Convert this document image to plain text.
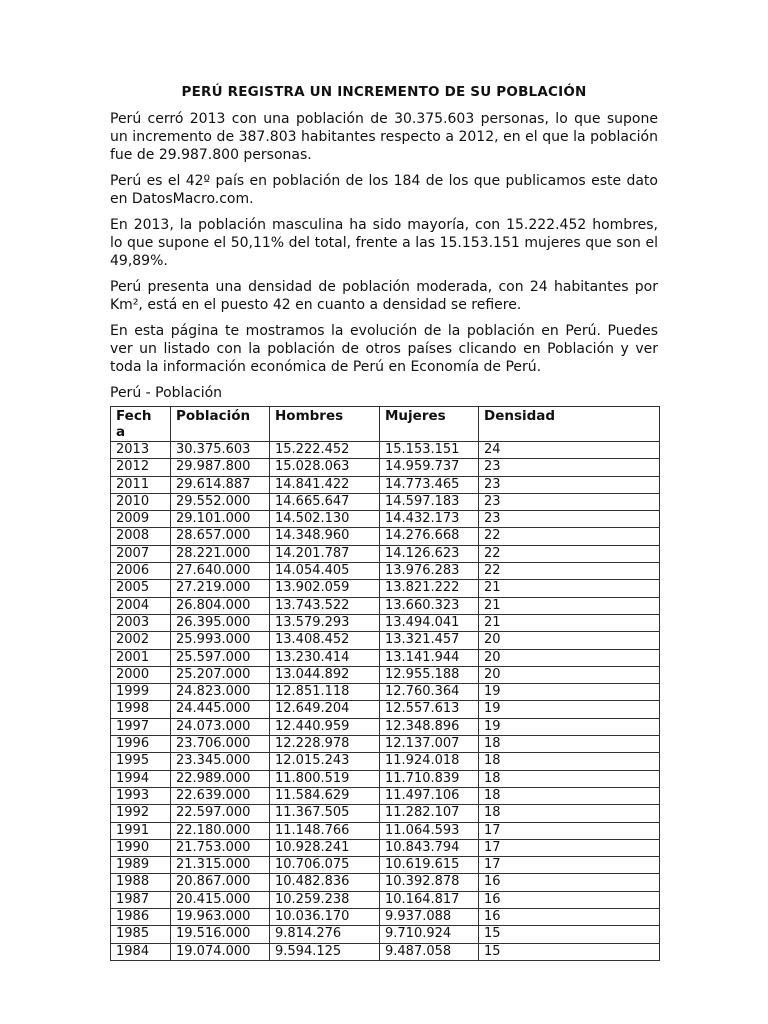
PERÚ REGISTRA UN INCREMENTO DE SU POBLACIÓN

Perú cerró 2013 con una población de 30.375.603 personas, lo que supone un incremento de 387.803 habitantes respecto a 2012, en el que la población fue de 29.987.800 personas.

Perú es el 42º país en población de los 184 de los que publicamos este dato en DatosMacro.com.

En 2013, la población masculina ha sido mayoría, con 15.222.452 hombres, lo que supone el 50,11% del total, frente a las 15.153.151 mujeres que son el 49,89%.

Perú presenta una densidad de población moderada, con 24 habitantes por Km², está en el puesto 42 en cuanto a densidad se refiere.

En esta página te mostramos la evolución de la población en Perú. Puedes ver un listado con la población de otros países clicando en Población y ver toda la información económica de Perú en Economía de Perú.

Perú - Población
Fech a	Población	Hombres	Mujeres	Densidad
2013	30.375.603	15.222.452	15.153.151	24
2012	29.987.800	15.028.063	14.959.737	23
2011	29.614.887	14.841.422	14.773.465	23
2010	29.552.000	14.665.647	14.597.183	23
2009	29.101.000	14.502.130	14.432.173	23
2008	28.657.000	14.348.960	14.276.668	22
2007	28.221.000	14.201.787	14.126.623	22
2006	27.640.000	14.054.405	13.976.283	22
2005	27.219.000	13.902.059	13.821.222	21
2004	26.804.000	13.743.522	13.660.323	21
2003	26.395.000	13.579.293	13.494.041	21
2002	25.993.000	13.408.452	13.321.457	20
2001	25.597.000	13.230.414	13.141.944	20
2000	25.207.000	13.044.892	12.955.188	20
1999	24.823.000	12.851.118	12.760.364	19
1998	24.445.000	12.649.204	12.557.613	19
1997	24.073.000	12.440.959	12.348.896	19
1996	23.706.000	12.228.978	12.137.007	18
1995	23.345.000	12.015.243	11.924.018	18
1994	22.989.000	11.800.519	11.710.839	18
1993	22.639.000	11.584.629	11.497.106	18
1992	22.597.000	11.367.505	11.282.107	18
1991	22.180.000	11.148.766	11.064.593	17
1990	21.753.000	10.928.241	10.843.794	17
1989	21.315.000	10.706.075	10.619.615	17
1988	20.867.000	10.482.836	10.392.878	16
1987	20.415.000	10.259.238	10.164.817	16
1986	19.963.000	10.036.170	9.937.088	16
1985	19.516.000	9.814.276	9.710.924	15
1984	19.074.000	9.594.125	9.487.058	15
